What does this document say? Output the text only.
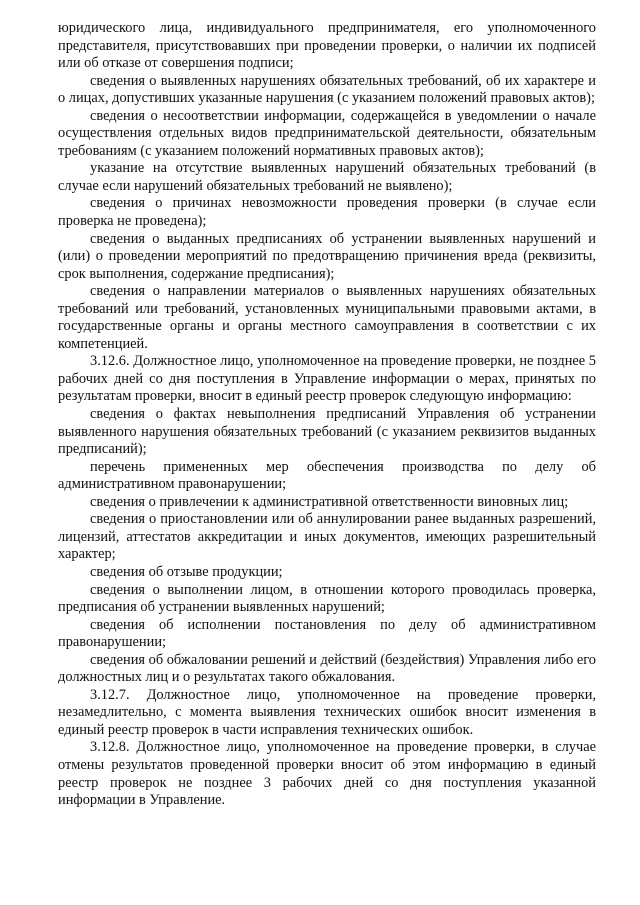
юридического лица, индивидуального предпринимателя, его уполномоченного представителя, присутствовавших при проведении проверки, о наличии их подписей или об отказе от совершения подписи;

сведения о выявленных нарушениях обязательных требований, об их характере и о лицах, допустивших указанные нарушения (с указанием положений правовых актов);

сведения о несоответствии информации, содержащейся в уведомлении о начале осуществления отдельных видов предпринимательской деятельности, обязательным требованиям (с указанием положений нормативных правовых актов);

указание на отсутствие выявленных нарушений обязательных требований (в случае если нарушений обязательных требований не выявлено);

сведения о причинах невозможности проведения проверки (в случае если проверка не проведена);

сведения о выданных предписаниях об устранении выявленных нарушений и (или) о проведении мероприятий по предотвращению причинения вреда (реквизиты, срок выполнения, содержание предписания);

сведения о направлении материалов о выявленных нарушениях обязательных требований или требований, установленных муниципальными правовыми актами, в государственные органы и органы местного самоуправления в соответствии с их компетенцией.

3.12.6. Должностное лицо, уполномоченное на проведение проверки, не позднее 5 рабочих дней со дня поступления в Управление информации о мерах, принятых по результатам проверки, вносит в единый реестр проверок следующую информацию:

сведения о фактах невыполнения предписаний Управления об устранении выявленного нарушения обязательных требований (с указанием реквизитов выданных предписаний);

перечень примененных мер обеспечения производства по делу об административном правонарушении;

сведения о привлечении к административной ответственности виновных лиц;

сведения о приостановлении или об аннулировании ранее выданных разрешений, лицензий, аттестатов аккредитации и иных документов, имеющих разрешительный характер;

сведения об отзыве продукции;

сведения о выполнении лицом, в отношении которого проводилась проверка, предписания об устранении выявленных нарушений;

сведения об исполнении постановления по делу об административном правонарушении;

сведения об обжаловании решений и действий (бездействия) Управления либо его должностных лиц и о результатах такого обжалования.

3.12.7. Должностное лицо, уполномоченное на проведение проверки, незамедлительно, с момента выявления технических ошибок вносит изменения в единый реестр проверок в части исправления технических ошибок.

3.12.8. Должностное лицо, уполномоченное на проведение проверки, в случае отмены результатов проведенной проверки вносит об этом информацию в единый реестр проверок не позднее 3 рабочих дней со дня поступления указанной информации в Управление.
